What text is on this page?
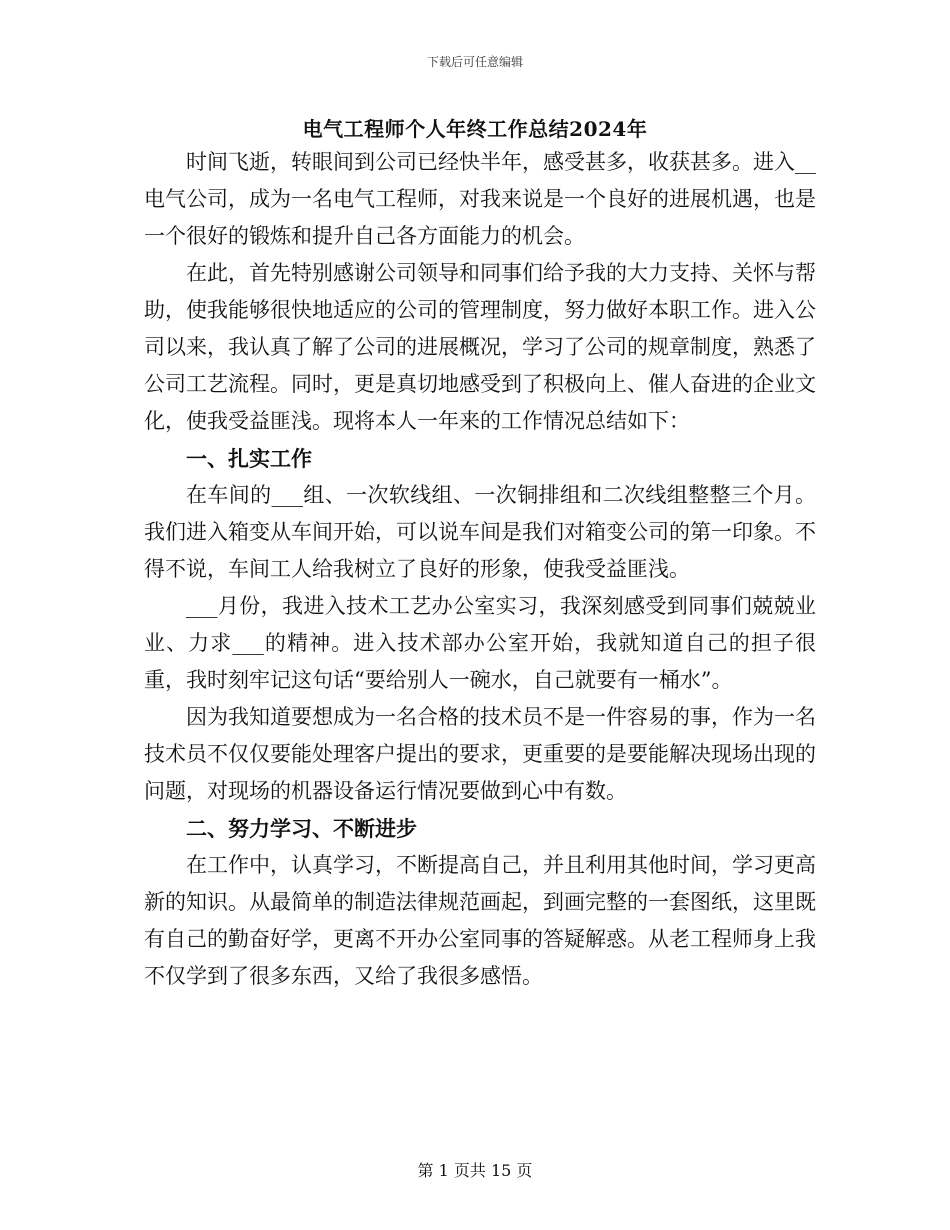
下载后可任意编辑
电气工程师个人年终工作总结2024年

时间飞逝，转眼间到公司已经快半年，感受甚多，收获甚多。进入__电气公司，成为一名电气工程师，对我来说是一个良好的进展机遇，也是一个很好的锻炼和提升自己各方面能力的机会。

在此，首先特别感谢公司领导和同事们给予我的大力支持、关怀与帮助，使我能够很快地适应的公司的管理制度，努力做好本职工作。进入公司以来，我认真了解了公司的进展概况，学习了公司的规章制度，熟悉了公司工艺流程。同时，更是真切地感受到了积极向上、催人奋进的企业文化，使我受益匪浅。现将本人一年来的工作情况总结如下：

一、扎实工作

在车间的___组、一次软线组、一次铜排组和二次线组整整三个月。我们进入箱变从车间开始，可以说车间是我们对箱变公司的第一印象。不得不说，车间工人给我树立了良好的形象，使我受益匪浅。

___月份，我进入技术工艺办公室实习，我深刻感受到同事们兢兢业业、力求___的精神。进入技术部办公室开始，我就知道自己的担子很重，我时刻牢记这句话“要给别人一碗水，自己就要有一桶水”。

因为我知道要想成为一名合格的技术员不是一件容易的事，作为一名技术员不仅仅要能处理客户提出的要求，更重要的是要能解决现场出现的问题，对现场的机器设备运行情况要做到心中有数。

二、努力学习、不断进步

在工作中，认真学习，不断提高自己，并且利用其他时间，学习更高新的知识。从最简单的制造法律规范画起，到画完整的一套图纸，这里既有自己的勤奋好学，更离不开办公室同事的答疑解惑。从老工程师身上我不仅学到了很多东西，又给了我很多感悟。

第 1 页共 15 页
